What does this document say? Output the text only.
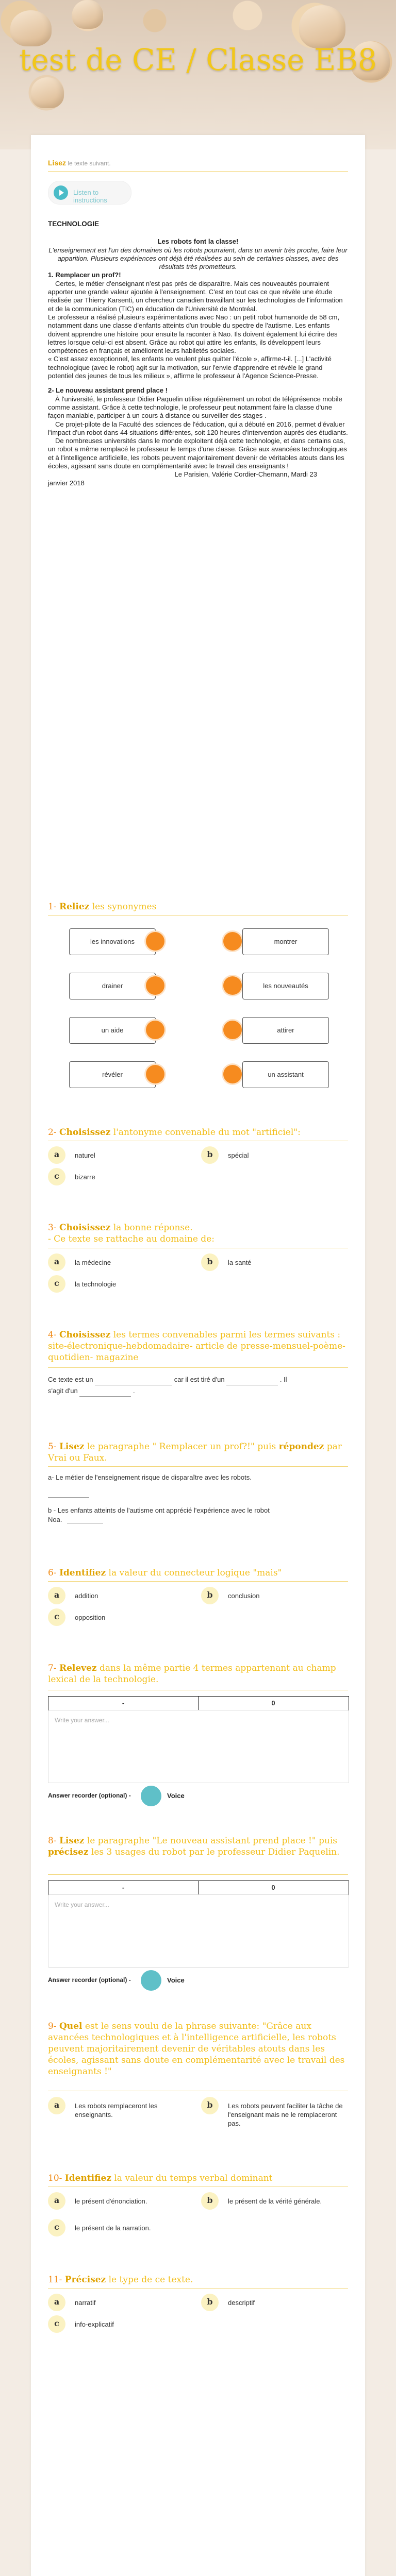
test de CE / Classe EB8
Lisez le texte suivant.
Listen to instructions

TECHNOLOGIE

Les robots font la classe!

L'enseignement est l'un des domaines où les robots pourraient, dans un avenir très proche, faire leur apparition. Plusieurs expériences ont déjà été réalisées au sein de certaines classes, avec des résultats très prometteurs.

1. Remplacer un prof?!

Certes, le métier d'enseignant n'est pas près de disparaître. Mais ces nouveautés pourraient apporter une grande valeur ajoutée à l'enseignement. C'est en tout cas ce que révèle une étude réalisée par Thierry Karsenti, un chercheur canadien travaillant sur les technologies de l'information et de la communication (TIC) en éducation de l'Université de Montréal.

Le professeur a réalisé plusieurs expérimentations avec Nao : un petit robot humanoïde de 58 cm, notamment dans une classe d'enfants atteints d'un trouble du spectre de l'autisme. Les enfants doivent apprendre une histoire pour ensuite la raconter à Nao. Ils doivent également lui écrire des lettres lorsque celui-ci est absent. Grâce au robot qui attire les enfants, ils développent leurs compétences en français et améliorent leurs habiletés sociales.

« C'est assez exceptionnel, les enfants ne veulent plus quitter l'école », affirme-t-il. [...] L'activité technologique (avec le robot) agit sur la motivation, sur l'envie d'apprendre et révèle le grand potentiel des jeunes de tous les milieux », affirme le professeur à l'Agence Science-Presse.

2- Le nouveau assistant prend place !

À l'université, le professeur Didier Paquelin utilise régulièrement un robot de téléprésence mobile comme assistant. Grâce à cette technologie, le professeur peut notamment faire la classe d'une façon maniable, participer à un cours à distance ou surveiller des stages .

Ce projet-pilote de la Faculté des sciences de l'éducation, qui a débuté en 2016, permet d'évaluer l'impact d'un robot dans 44 situations différentes, soit 120 heures d'intervention auprès des étudiants.

De nombreuses universités dans le monde exploitent déjà cette technologie, et dans certains cas, un robot a même remplacé le professeur le temps d'une classe. Grâce aux avancées technologiques et à l'intelligence artificielle, les robots peuvent majoritairement devenir de véritables atouts dans les écoles, agissant sans doute en complémentarité avec le travail des enseignants !

Le Parisien, Valérie Cordier-Chemann, Mardi 23

janvier 2018

1- Reliez les synonymes
les innovations	montrer
drainer	les nouveautés
un aide	attirer
révéler	un assistant
2- Choisissez l'antonyme convenable du mot "artificiel":
a	naturel	b	spécial
c	bizarre
3- Choisissez la bonne réponse.
- Ce texte se rattache au domaine de:
a	la médecine	b	la santé
c	la technologie
4- Choisissez les termes convenables parmi les termes suivants :
site-électronique-hebdomadaire- article de presse-mensuel-poème- quotidien- magazine
Ce texte est un	car il est tiré d'un	. Il
s'agit d'un	.
5- Lisez le paragraphe " Remplacer un prof?!" puis répondez par Vrai ou Faux.
a- Le métier de l'enseignement risque de disparaître avec les robots.
b - Les enfants atteints de l'autisme ont apprécié l'expérience avec le robot
Noa.
6- Identifiez la valeur du connecteur logique "mais"
a	addition	b	conclusion
c	opposition
7- Relevez dans la même partie 4 termes appartenant au champ lexical de la technologie.
-	0
Write your answer...
Answer recorder (optional) -	Voice
8- Lisez le paragraphe "Le nouveau assistant prend place !" puis précisez les 3 usages du robot par le professeur Didier Paquelin.
-	0
Write your answer...
Answer recorder (optional) -	Voice
9- Quel est le sens voulu de la phrase suivante: "Grâce aux avancées technologiques et à l'intelligence artificielle, les robots peuvent majoritairement devenir de véritables atouts dans les écoles, agissant sans doute en complémentarité avec le travail des enseignants !"
a	Les robots remplaceront les enseignants.
b	Les robots peuvent faciliter la tâche de l'enseignant mais ne le remplaceront pas.
10- Identifiez la valeur du temps verbal dominant
a	le présent d'énonciation.	b	le présent de la vérité générale.
c	le présent de la narration.
11- Précisez le type de ce texte.
a	narratif	b	descriptif
c	info-explicatif
